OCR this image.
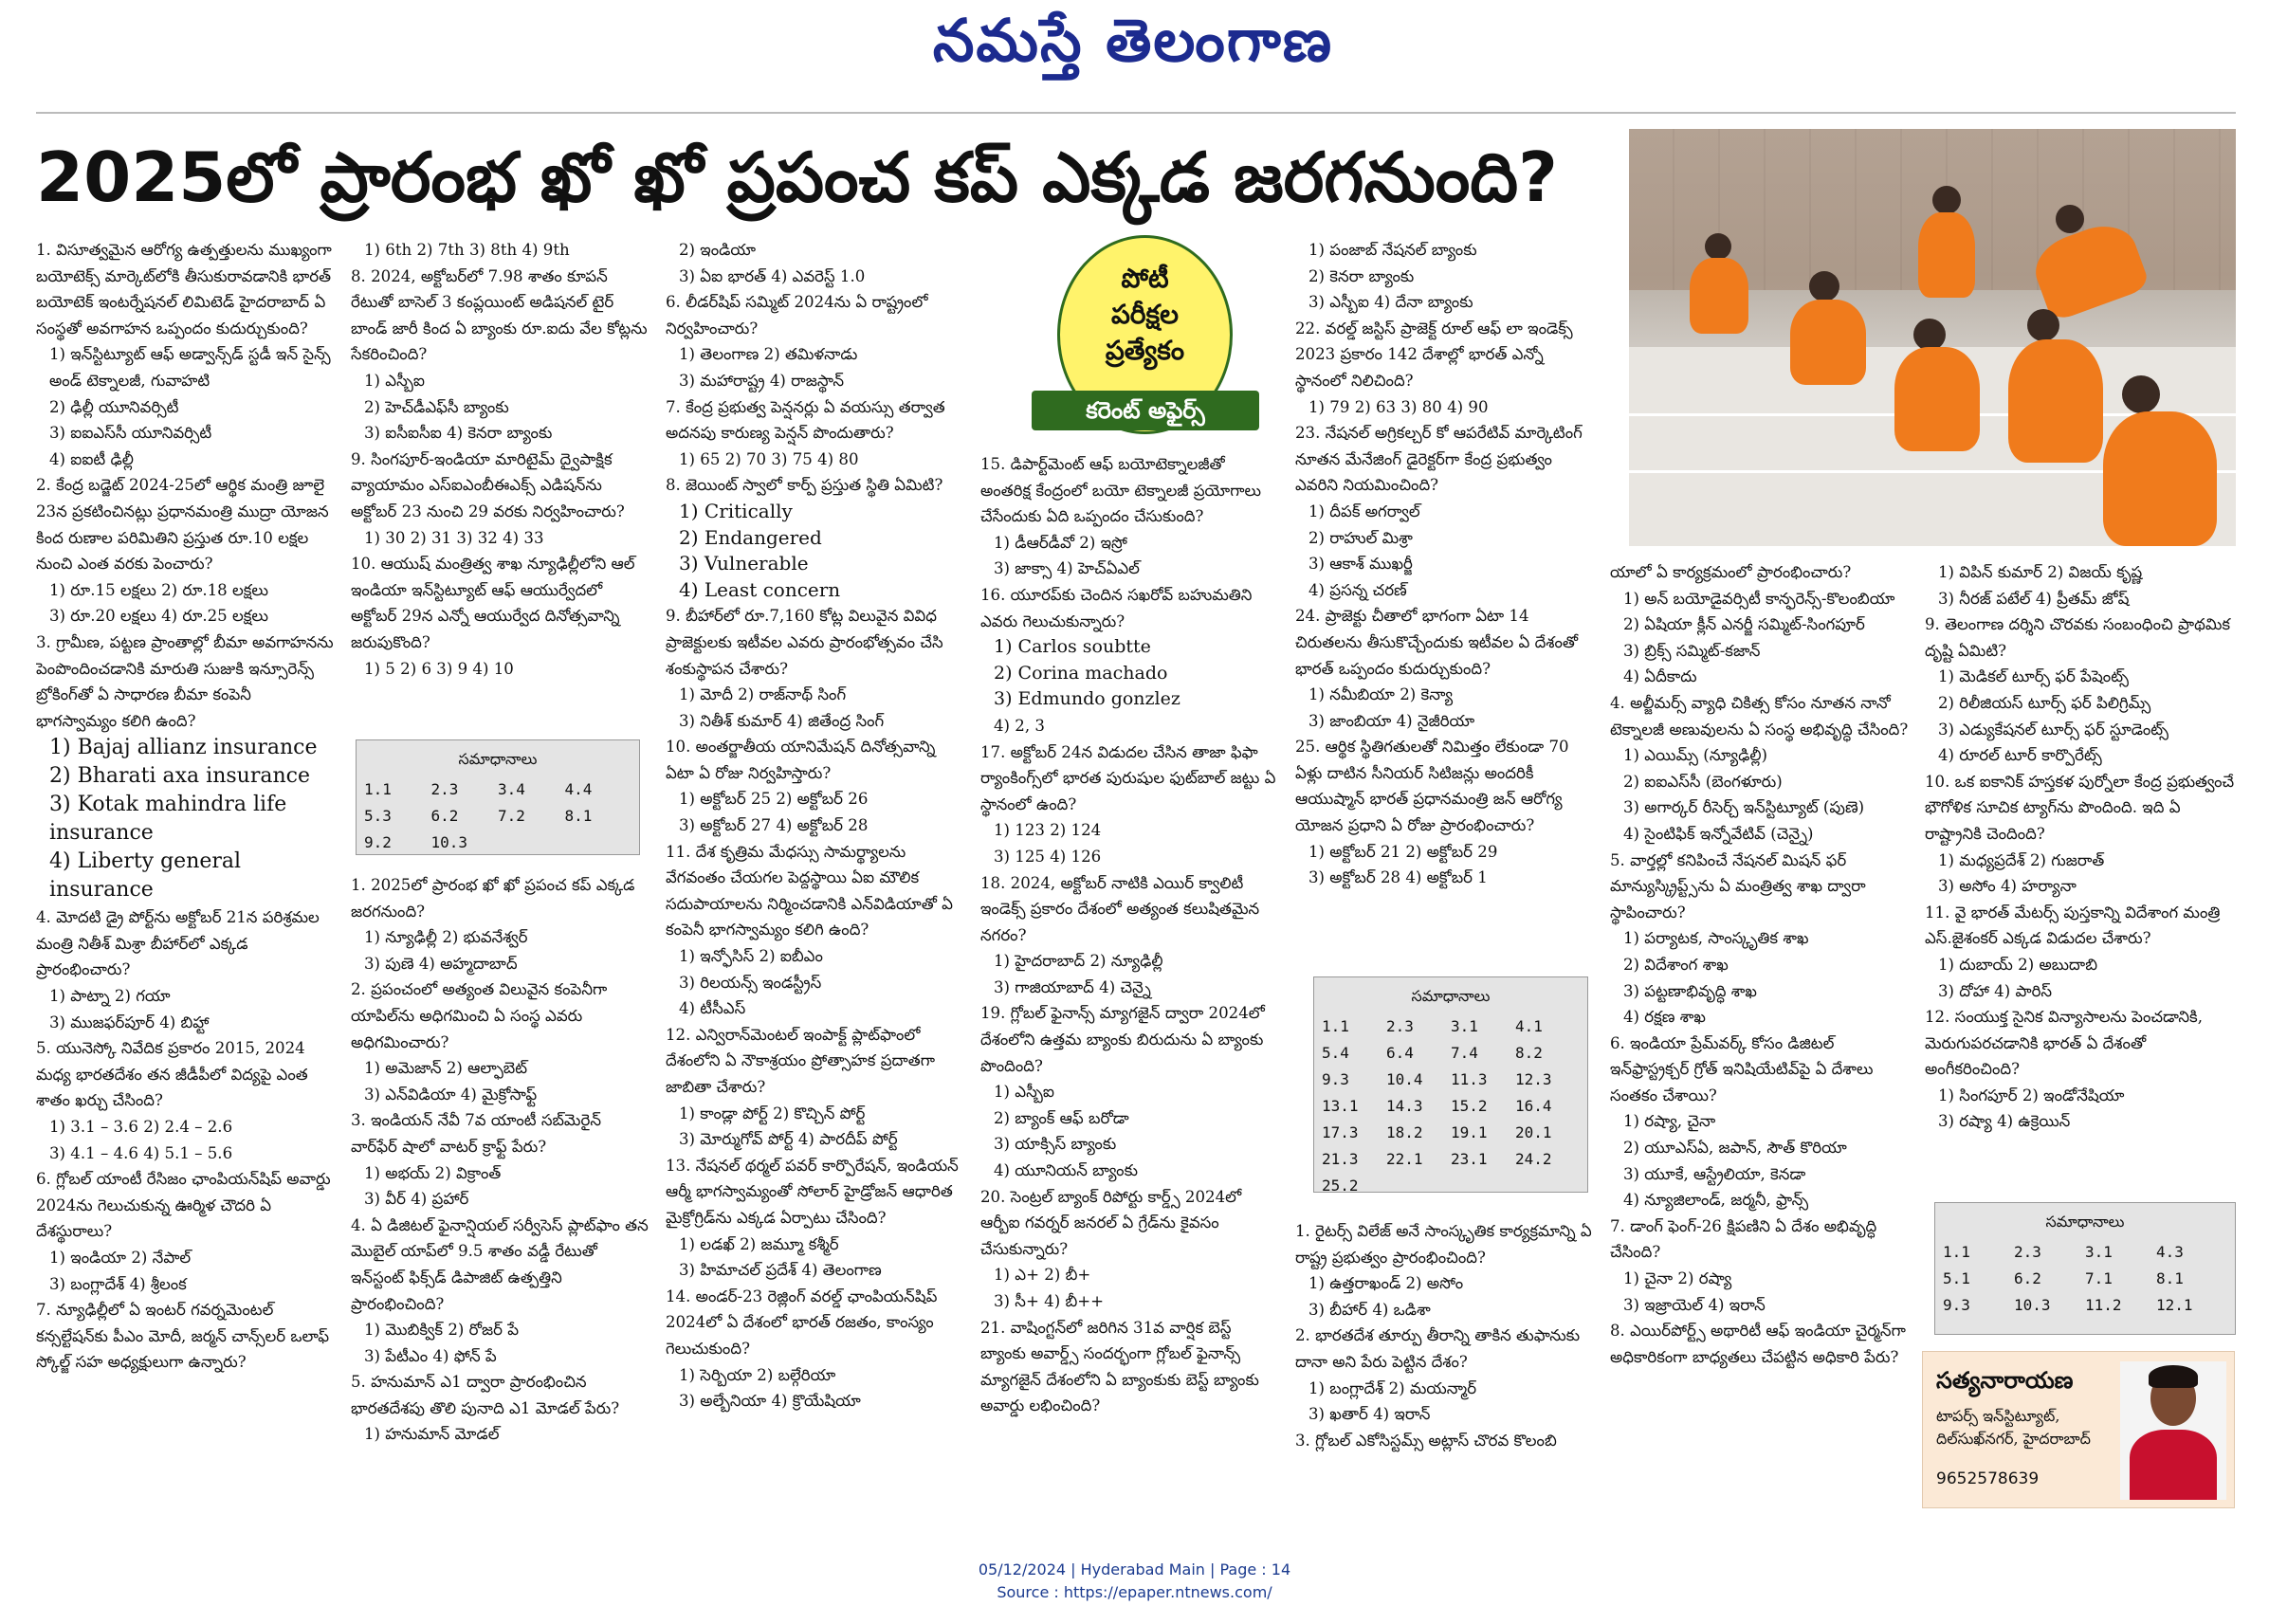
నమస్తే తెలంగాణ
2025లో ప్రారంభ ఖో ఖో ప్రపంచ కప్ ఎక్కడ జరగనుంది?

1. విసూత్వమైన ఆరోగ్య ఉత్పత్తులను ముఖ్యంగా బయోటెక్స్ మార్కెట్‌లోకి తీసుకురావడానికి భారత్ బయోటెక్ ఇంటర్నేషనల్ లిమిటెడ్ హైదరాబాద్ ఏ సంస్థతో అవగాహన ఒప్పందం కుదుర్చుకుంది?

1) ఇన్‌స్టిట్యూట్ ఆఫ్ అడ్వాన్స్‌డ్ స్టడీ ఇన్ సైన్స్ అండ్ టెక్నాలజీ, గువాహటి

2) ఢిల్లీ యూనివర్సిటీ

3) ఐఐఎస్‌సీ యూనివర్సిటీ

4) ఐఐటీ ఢిల్లీ

2. కేంద్ర బడ్జెట్ 2024-25లో ఆర్థిక మంత్రి జూలై 23న ప్రకటించినట్లు ప్రధానమంత్రి ముద్రా యోజన కింద రుణాల పరిమితిని ప్రస్తుత రూ.10 లక్షల నుంచి ఎంత వరకు పెంచారు?

1) రూ.15 లక్షలు 2) రూ.18 లక్షలు

3) రూ.20 లక్షలు 4) రూ.25 లక్షలు

3. గ్రామీణ, పట్టణ ప్రాంతాల్లో బీమా అవగాహనను పెంపొందించడానికి మారుతి సుజుకి ఇన్సూరెన్స్ బ్రోకింగ్‌తో ఏ సాధారణ బీమా కంపెనీ భాగస్వామ్యం కలిగి ఉంది?

1) Bajaj allianz insurance

2) Bharati axa insurance

3) Kotak mahindra life insurance

4) Liberty general insurance

4. మోదటి డ్రై పోర్ట్‌ను అక్టోబర్ 21న పరిశ్రమల మంత్రి నితీశ్ మిశ్రా బీహార్‌లో ఎక్కడ ప్రారంభించారు?

1) పాట్నా 2) గయా

3) ముజఫర్‌పూర్ 4) బిహ్టా

5. యునెస్కో నివేదిక ప్రకారం 2015, 2024 మధ్య భారతదేశం తన జీడీపీలో విద్యపై ఎంత శాతం ఖర్చు చేసింది?

1) 3.1 – 3.6 2) 2.4 – 2.6

3) 4.1 – 4.6 4) 5.1 – 5.6

6. గ్లోబల్ యాంటీ రేసిజం ఛాంపియన్‌షిప్ అవార్డు 2024ను గెలుచుకున్న ఊర్మిళ చౌదరి ఏ దేశస్థురాలు?

1) ఇండియా 2) నేపాల్

3) బంగ్లాదేశ్ 4) శ్రీలంక

7. న్యూఢిల్లీలో ఏ ఇంటర్ గవర్నమెంటల్ కన్సల్టేషన్‌కు పీఎం మోదీ, జర్మన్ చాన్స్‌లర్ ఒలాఫ్ స్కోల్జ్ సహ అధ్యక్షులుగా ఉన్నారు?

1) 6th 2) 7th 3) 8th 4) 9th

8. 2024, అక్టోబర్‌లో 7.98 శాతం కూపన్ రేటుతో బాసెల్ 3 కంప్లయింట్ అడిషనల్ టైర్ బాండ్ జారీ కింద ఏ బ్యాంకు రూ.ఐదు వేల కోట్లను సేకరించింది?

1) ఎస్బీఐ

2) హెచ్‌డీఎఫ్‌సీ బ్యాంకు

3) ఐసీఐసీఐ 4) కెనరా బ్యాంకు

9. సింగపూర్-ఇండియా మారిటైమ్ ద్వైపాక్షిక వ్యాయామం ఎస్ఐఎంబీఈఎక్స్ ఎడిషన్‌ను అక్టోబర్ 23 నుంచి 29 వరకు నిర్వహించారు?

1) 30 2) 31 3) 32 4) 33

10. ఆయుష్ మంత్రిత్వ శాఖ న్యూఢిల్లీలోని ఆల్ ఇండియా ఇన్‌స్టిట్యూట్ ఆఫ్ ఆయుర్వేదలో అక్టోబర్ 29న ఎన్నో ఆయుర్వేద దినోత్సవాన్ని జరుపుకొంది?

1) 5 2) 6 3) 9 4) 10

సమాధానాలు
1.1	2.3	3.4	4.4
5.3	6.2	7.2	8.1
9.2	10.3

1. 2025లో ప్రారంభ ఖో ఖో ప్రపంచ కప్ ఎక్కడ జరగనుంది?

1) న్యూఢిల్లీ 2) భువనేశ్వర్

3) పుణె 4) అహ్మదాబాద్

2. ప్రపంచంలో అత్యంత విలువైన కంపెనీగా యాపిల్‌ను అధిగమించి ఏ సంస్థ ఎవరు అధిగమించారు?

1) అమెజాన్ 2) ఆల్ఫాబెట్

3) ఎన్‌విడియా 4) మైక్రోసాఫ్ట్

3. ఇండియన్ నేవీ 7వ యాంటీ సబ్‌మెరైన్ వార్‌ఫేర్ షాలో వాటర్ క్రాఫ్ట్ పేరు?

1) అభయ్ 2) విక్రాంత్

3) వీర్ 4) ప్రహార్

4. ఏ డిజిటల్ ఫైనాన్షియల్ సర్వీసెస్ ప్లాట్‌ఫాం తన మొబైల్ యాప్‌లో 9.5 శాతం వడ్డీ రేటుతో ఇన్‌స్టంట్ ఫిక్స్‌డ్ డిపాజిట్ ఉత్పత్తిని ప్రారంభించింది?

1) మొబిక్విక్ 2) రోజర్ పే

3) పేటీఎం 4) ఫోన్ పే

5. హనుమాన్ ఎ1 ద్వారా ప్రారంభించిన భారతదేశపు తొలి పునాది ఎ1 మోడల్ పేరు?

1) హనుమాన్ మోడల్

2) ఇండియా

3) ఏఐ భారత్ 4) ఎవరెస్ట్ 1.0

6. లీడర్‌షిప్ సమ్మిట్ 2024ను ఏ రాష్ట్రంలో నిర్వహించారు?

1) తెలంగాణ 2) తమిళనాడు

3) మహారాష్ట్ర 4) రాజస్థాన్

7. కేంద్ర ప్రభుత్వ పెన్షనర్లు ఏ వయస్సు తర్వాత అదనపు కారుణ్య పెన్షన్ పొందుతారు?

1) 65 2) 70 3) 75 4) 80

8. జెయింట్ స్వాలో కార్ప్ ప్రస్తుత స్థితి ఏమిటి?

1) Critically

2) Endangered

3) Vulnerable

4) Least concern

9. బీహార్‌లో రూ.7,160 కోట్ల విలువైన వివిధ ప్రాజెక్టులకు ఇటీవల ఎవరు ప్రారంభోత్సవం చేసి శంకుస్థాపన చేశారు?

1) మోదీ 2) రాజ్‌నాథ్ సింగ్

3) నితీశ్ కుమార్ 4) జితేంద్ర సింగ్

10. అంతర్జాతీయ యానిమేషన్ దినోత్సవాన్ని ఏటా ఏ రోజు నిర్వహిస్తారు?

1) అక్టోబర్ 25 2) అక్టోబర్ 26

3) అక్టోబర్ 27 4) అక్టోబర్ 28

11. దేశ కృత్రిమ మేధస్సు సామర్థ్యాలను వేగవంతం చేయగల పెద్దస్థాయి ఏఐ మౌలిక సదుపాయాలను నిర్మించడానికి ఎన్‌విడియాతో ఏ కంపెనీ భాగస్వామ్యం కలిగి ఉంది?

1) ఇన్ఫోసిస్ 2) ఐబీఎం

3) రిలయన్స్ ఇండస్ట్రీస్

4) టీసీఎస్

12. ఎన్విరాన్‌మెంటల్ ఇంపాక్ట్ ప్లాట్‌ఫాంలో దేశంలోని ఏ నౌకాశ్రయం ప్రోత్సాహక ప్రదాతగా జాబితా చేశారు?

1) కాండ్లా పోర్ట్ 2) కొచ్చిన్ పోర్ట్

3) మోర్ముగోవ్ పోర్ట్ 4) పారదీప్ పోర్ట్

13. నేషనల్ థర్మల్ పవర్ కార్పొరేషన్, ఇండియన్ ఆర్మీ భాగస్వామ్యంతో సోలార్ హైడ్రోజన్ ఆధారిత మైక్రోగ్రిడ్‌ను ఎక్కడ ఏర్పాటు చేసింది?

1) లడఖ్ 2) జమ్మూ కశ్మీర్

3) హిమాచల్ ప్రదేశ్ 4) తెలంగాణ

14. అండర్-23 రెజ్లింగ్ వరల్డ్ ఛాంపియన్‌షిప్ 2024లో ఏ దేశంలో భారత్ రజతం, కాంస్యం గెలుచుకుంది?

1) సెర్బియా 2) బల్గేరియా

3) అల్బేనియా 4) క్రొయేషియా

పోటీ
పరీక్షల
ప్రత్యేకం
కరెంట్ అఫైర్స్

15. డిపార్ట్‌మెంట్ ఆఫ్ బయోటెక్నాలజీతో అంతరిక్ష కేంద్రంలో బయో టెక్నాలజీ ప్రయోగాలు చేసేందుకు ఏది ఒప్పందం చేసుకుంది?

1) డీఆర్‌డీవో 2) ఇస్రో

3) జాక్సా 4) హెచ్ఏఎల్

16. యూరప్‌కు చెందిన సఖరోవ్ బహుమతిని ఎవరు గెలుచుకున్నారు?

1) Carlos soubtte

2) Corina machado

3) Edmundo gonzlez

4) 2, 3

17. అక్టోబర్ 24న విడుదల చేసిన తాజా ఫిఫా ర్యాంకింగ్స్‌లో భారత పురుషుల ఫుట్‌బాల్ జట్టు ఏ స్థానంలో ఉంది?

1) 123 2) 124

3) 125 4) 126

18. 2024, అక్టోబర్ నాటికి ఎయిర్ క్వాలిటీ ఇండెక్స్ ప్రకారం దేశంలో అత్యంత కలుషితమైన నగరం?

1) హైదరాబాద్ 2) న్యూఢిల్లీ

3) గాజియాబాద్ 4) చెన్నై

19. గ్లోబల్ ఫైనాన్స్ మ్యాగజైన్ ద్వారా 2024లో దేశంలోని ఉత్తమ బ్యాంకు బిరుదును ఏ బ్యాంకు పొందింది?

1) ఎస్బీఐ

2) బ్యాంక్ ఆఫ్ బరోడా

3) యాక్సిస్ బ్యాంకు

4) యూనియన్ బ్యాంకు

20. సెంట్రల్ బ్యాంక్ రిపోర్టు కార్డ్స్ 2024లో ఆర్బీఐ గవర్నర్ జనరల్ ఏ గ్రేడ్‌ను కైవసం చేసుకున్నారు?

1) ఎ+ 2) బీ+

3) సీ+ 4) బీ++

21. వాషింగ్టన్‌లో జరిగిన 31వ వార్షిక బెస్ట్ బ్యాంకు అవార్డ్స్ సందర్భంగా గ్లోబల్ ఫైనాన్స్ మ్యాగజైన్ దేశంలోని ఏ బ్యాంకుకు బెస్ట్ బ్యాంకు అవార్డు లభించింది?

1) పంజాబ్ నేషనల్ బ్యాంకు

2) కెనరా బ్యాంకు

3) ఎస్బీఐ 4) దేనా బ్యాంకు

22. వరల్డ్ జస్టిస్ ప్రాజెక్ట్ రూల్ ఆఫ్ లా ఇండెక్స్ 2023 ప్రకారం 142 దేశాల్లో భారత్ ఎన్నో స్థానంలో నిలిచింది?

1) 79 2) 63 3) 80 4) 90

23. నేషనల్ అగ్రికల్చర్ కో ఆపరేటివ్ మార్కెటింగ్ నూతన మేనేజింగ్ డైరెక్టర్‌గా కేంద్ర ప్రభుత్వం ఎవరిని నియమించింది?

1) దీపక్ అగర్వాల్

2) రాహుల్ మిశ్రా

3) ఆకాశ్ ముఖర్జీ

4) ప్రసన్న చరణ్

24. ప్రాజెక్టు చీతాలో భాగంగా ఏటా 14 చిరుతలను తీసుకొచ్చేందుకు ఇటీవల ఏ దేశంతో భారత్ ఒప్పందం కుదుర్చుకుంది?

1) నమీబియా 2) కెన్యా

3) జాంబియా 4) నైజీరియా

25. ఆర్థిక స్థితిగతులతో నిమిత్తం లేకుండా 70 ఏళ్లు దాటిన సీనియర్ సిటిజన్లు అందరికీ ఆయుష్మాన్ భారత్ ప్రధానమంత్రి జన్ ఆరోగ్య యోజన ప్రధాని ఏ రోజు ప్రారంభించారు?

1) అక్టోబర్ 21 2) అక్టోబర్ 29

3) అక్టోబర్ 28 4) అక్టోబర్ 1

సమాధానాలు
1.1	2.3	3.1	4.1
5.4	6.4	7.4	8.2
9.3	10.4	11.3	12.3
13.1	14.3	15.2	16.4
17.3	18.2	19.1	20.1
21.3	22.1	23.1	24.2
25.2

1. రైటర్స్ విలేజ్ అనే సాంస్కృతిక కార్యక్రమాన్ని ఏ రాష్ట్ర ప్రభుత్వం ప్రారంభించింది?

1) ఉత్తరాఖండ్ 2) అసోం

3) బీహార్ 4) ఒడిశా

2. భారతదేశ తూర్పు తీరాన్ని తాకిన తుఫానుకు దానా అని పేరు పెట్టిన దేశం?

1) బంగ్లాదేశ్ 2) మయన్మార్

3) ఖతార్ 4) ఇరాన్

3. గ్లోబల్ ఎకోసిస్టమ్స్ అట్లాస్ చొరవ కొలంబి

యాలో ఏ కార్యక్రమంలో ప్రారంభించారు?

1) అన్ బయోడైవర్సిటీ కాన్ఫరెన్స్-కొలంబియా

2) ఏషియా క్లీన్ ఎనర్జీ సమ్మిట్-సింగపూర్

3) బ్రిక్స్ సమ్మిట్-కజాన్

4) ఏదీకాదు

4. అల్జీమర్స్ వ్యాధి చికిత్స కోసం నూతన నానో టెక్నాలజీ అణువులను ఏ సంస్థ అభివృద్ధి చేసింది?

1) ఎయిమ్స్ (న్యూఢిల్లీ)

2) ఐఐఎస్‌సీ (బెంగళూరు)

3) అగార్కర్ రీసెర్చ్ ఇన్‌స్టిట్యూట్ (పుణె)

4) సైంటిఫిక్ ఇన్నోవేటివ్ (చెన్నై)

5. వార్తల్లో కనిపించే నేషనల్ మిషన్ ఫర్ మాన్యుస్క్రిప్ట్స్‌ను ఏ మంత్రిత్వ శాఖ ద్వారా స్థాపించారు?

1) పర్యాటక, సాంస్కృతిక శాఖ

2) విదేశాంగ శాఖ

3) పట్టణాభివృద్ధి శాఖ

4) రక్షణ శాఖ

6. ఇండియా ప్రేమ్‌వర్క్ కోసం డిజిటల్ ఇన్‌ఫ్రాస్ట్రక్చర్ గ్రోత్ ఇనిషియేటివ్‌పై ఏ దేశాలు సంతకం చేశాయి?

1) రష్యా, చైనా

2) యూఎస్ఏ, జపాన్, సౌత్ కొరియా

3) యూకే, ఆస్ట్రేలియా, కెనడా

4) న్యూజిలాండ్, జర్మనీ, ఫ్రాన్స్

7. డాంగ్ ఫెంగ్-26 క్షిపణిని ఏ దేశం అభివృద్ధి చేసింది?

1) చైనా 2) రష్యా

3) ఇజ్రాయెల్ 4) ఇరాన్

8. ఎయిర్‌పోర్ట్స్ అథారిటీ ఆఫ్ ఇండియా చైర్మన్‌గా అధికారికంగా బాధ్యతలు చేపట్టిన అధికారి పేరు?

1) విపిన్ కుమార్ 2) విజయ్ కృష్ణ

3) నీరజ్ పటేల్ 4) ప్రీతమ్ జోష్

9. తెలంగాణ దర్శిని చొరవకు సంబంధించి ప్రాథమిక దృష్టి ఏమిటి?

1) మెడికల్ టూర్స్ ఫర్ పేషెంట్స్

2) రిలీజియస్ టూర్స్ ఫర్ పిలిగ్రిమ్స్

3) ఎడ్యుకేషనల్ టూర్స్ ఫర్ స్టూడెంట్స్

4) రూరల్ టూర్ కార్పొరేట్స్

10. ఒక ఐకానిక్ హస్తకళ పుర్నోలా కేంద్ర ప్రభుత్వంచే భౌగోళిక సూచిక ట్యాగ్‌ను పొందింది. ఇది ఏ రాష్ట్రానికి చెందింది?

1) మధ్యప్రదేశ్ 2) గుజరాత్

3) అసోం 4) హర్యానా

11. వై భారత్ మేటర్స్ పుస్తకాన్ని విదేశాంగ మంత్రి ఎస్.జైశంకర్ ఎక్కడ విడుదల చేశారు?

1) దుబాయ్ 2) అబుదాబి

3) దోహా 4) పారిస్

12. సంయుక్త సైనిక విన్యాసాలను పెంచడానికి, మెరుగుపరచడానికి భారత్ ఏ దేశంతో అంగీకరించింది?

1) సింగపూర్ 2) ఇండోనేషియా

3) రష్యా 4) ఉక్రెయిన్

సమాధానాలు
1.1	2.3	3.1	4.3
5.1	6.2	7.1	8.1
9.3	10.3	11.2	12.1
సత్యనారాయణ
టాపర్స్ ఇన్‌స్టిట్యూట్, దిల్‌సుఖ్‌నగర్, హైదరాబాద్
9652578639
05/12/2024 | Hyderabad Main | Page : 14
Source : https://epaper.ntnews.com/
